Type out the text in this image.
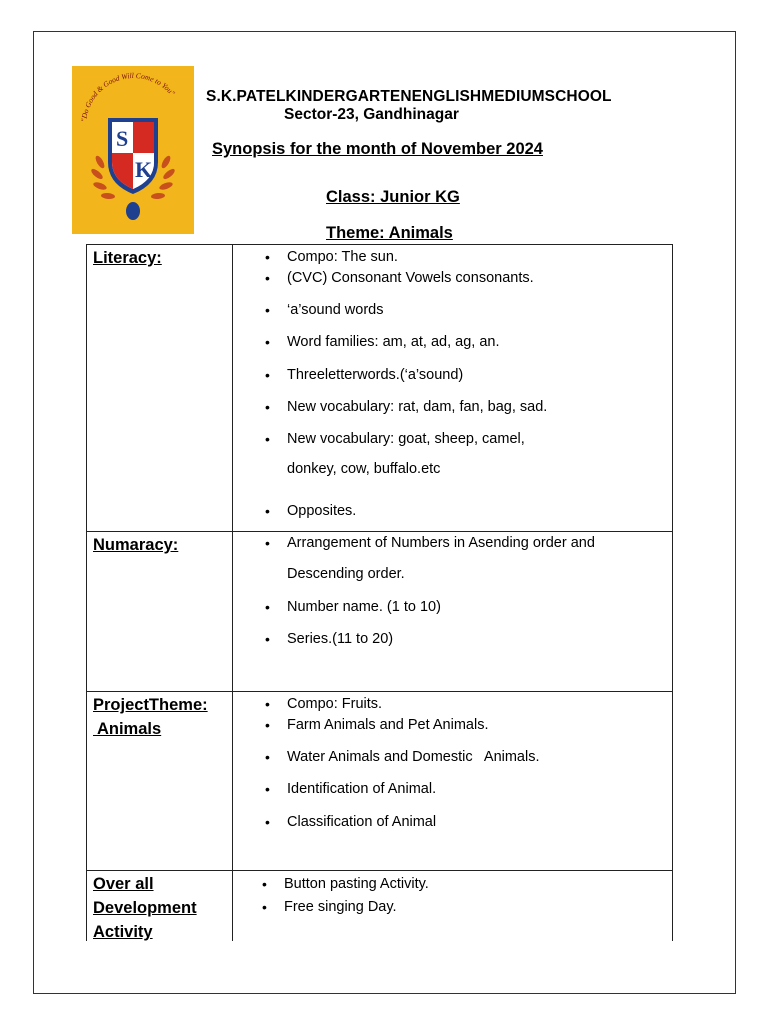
"Do Good & Good Will Come to You"
S
K
S.K.PATELKINDERGARTENENGLISHMEDIUMSCHOOL
Sector-23, Gandhinagar
Synopsis for the month of November 2024
Class: Junior KG
Theme: Animals
Literacy:	• Compo: The sun.
• (CVC) Consonant Vowels consonants.
• ‘a’sound words
• Word families: am, at, ad, ag, an.
• Threeletterwords.(‘a’sound)
• New vocabulary: rat, dam, fan, bag, sad.
• New vocabulary: goat, sheep, camel,
donkey, cow, buffalo.etc
• Opposites.
Numaracy:	• Arrangement of Numbers in Asending order and
Descending order.
• Number name. (1 to 10)
• Series.(11 to 20)
ProjectTheme:
Animals
• Compo: Fruits.
• Farm Animals and Pet Animals.
• Water Animals and Domestic   Animals.
• Identification of Animal.
• Classification of Animal
Over all
Development
Activity
• Button pasting Activity.
• Free singing Day.
